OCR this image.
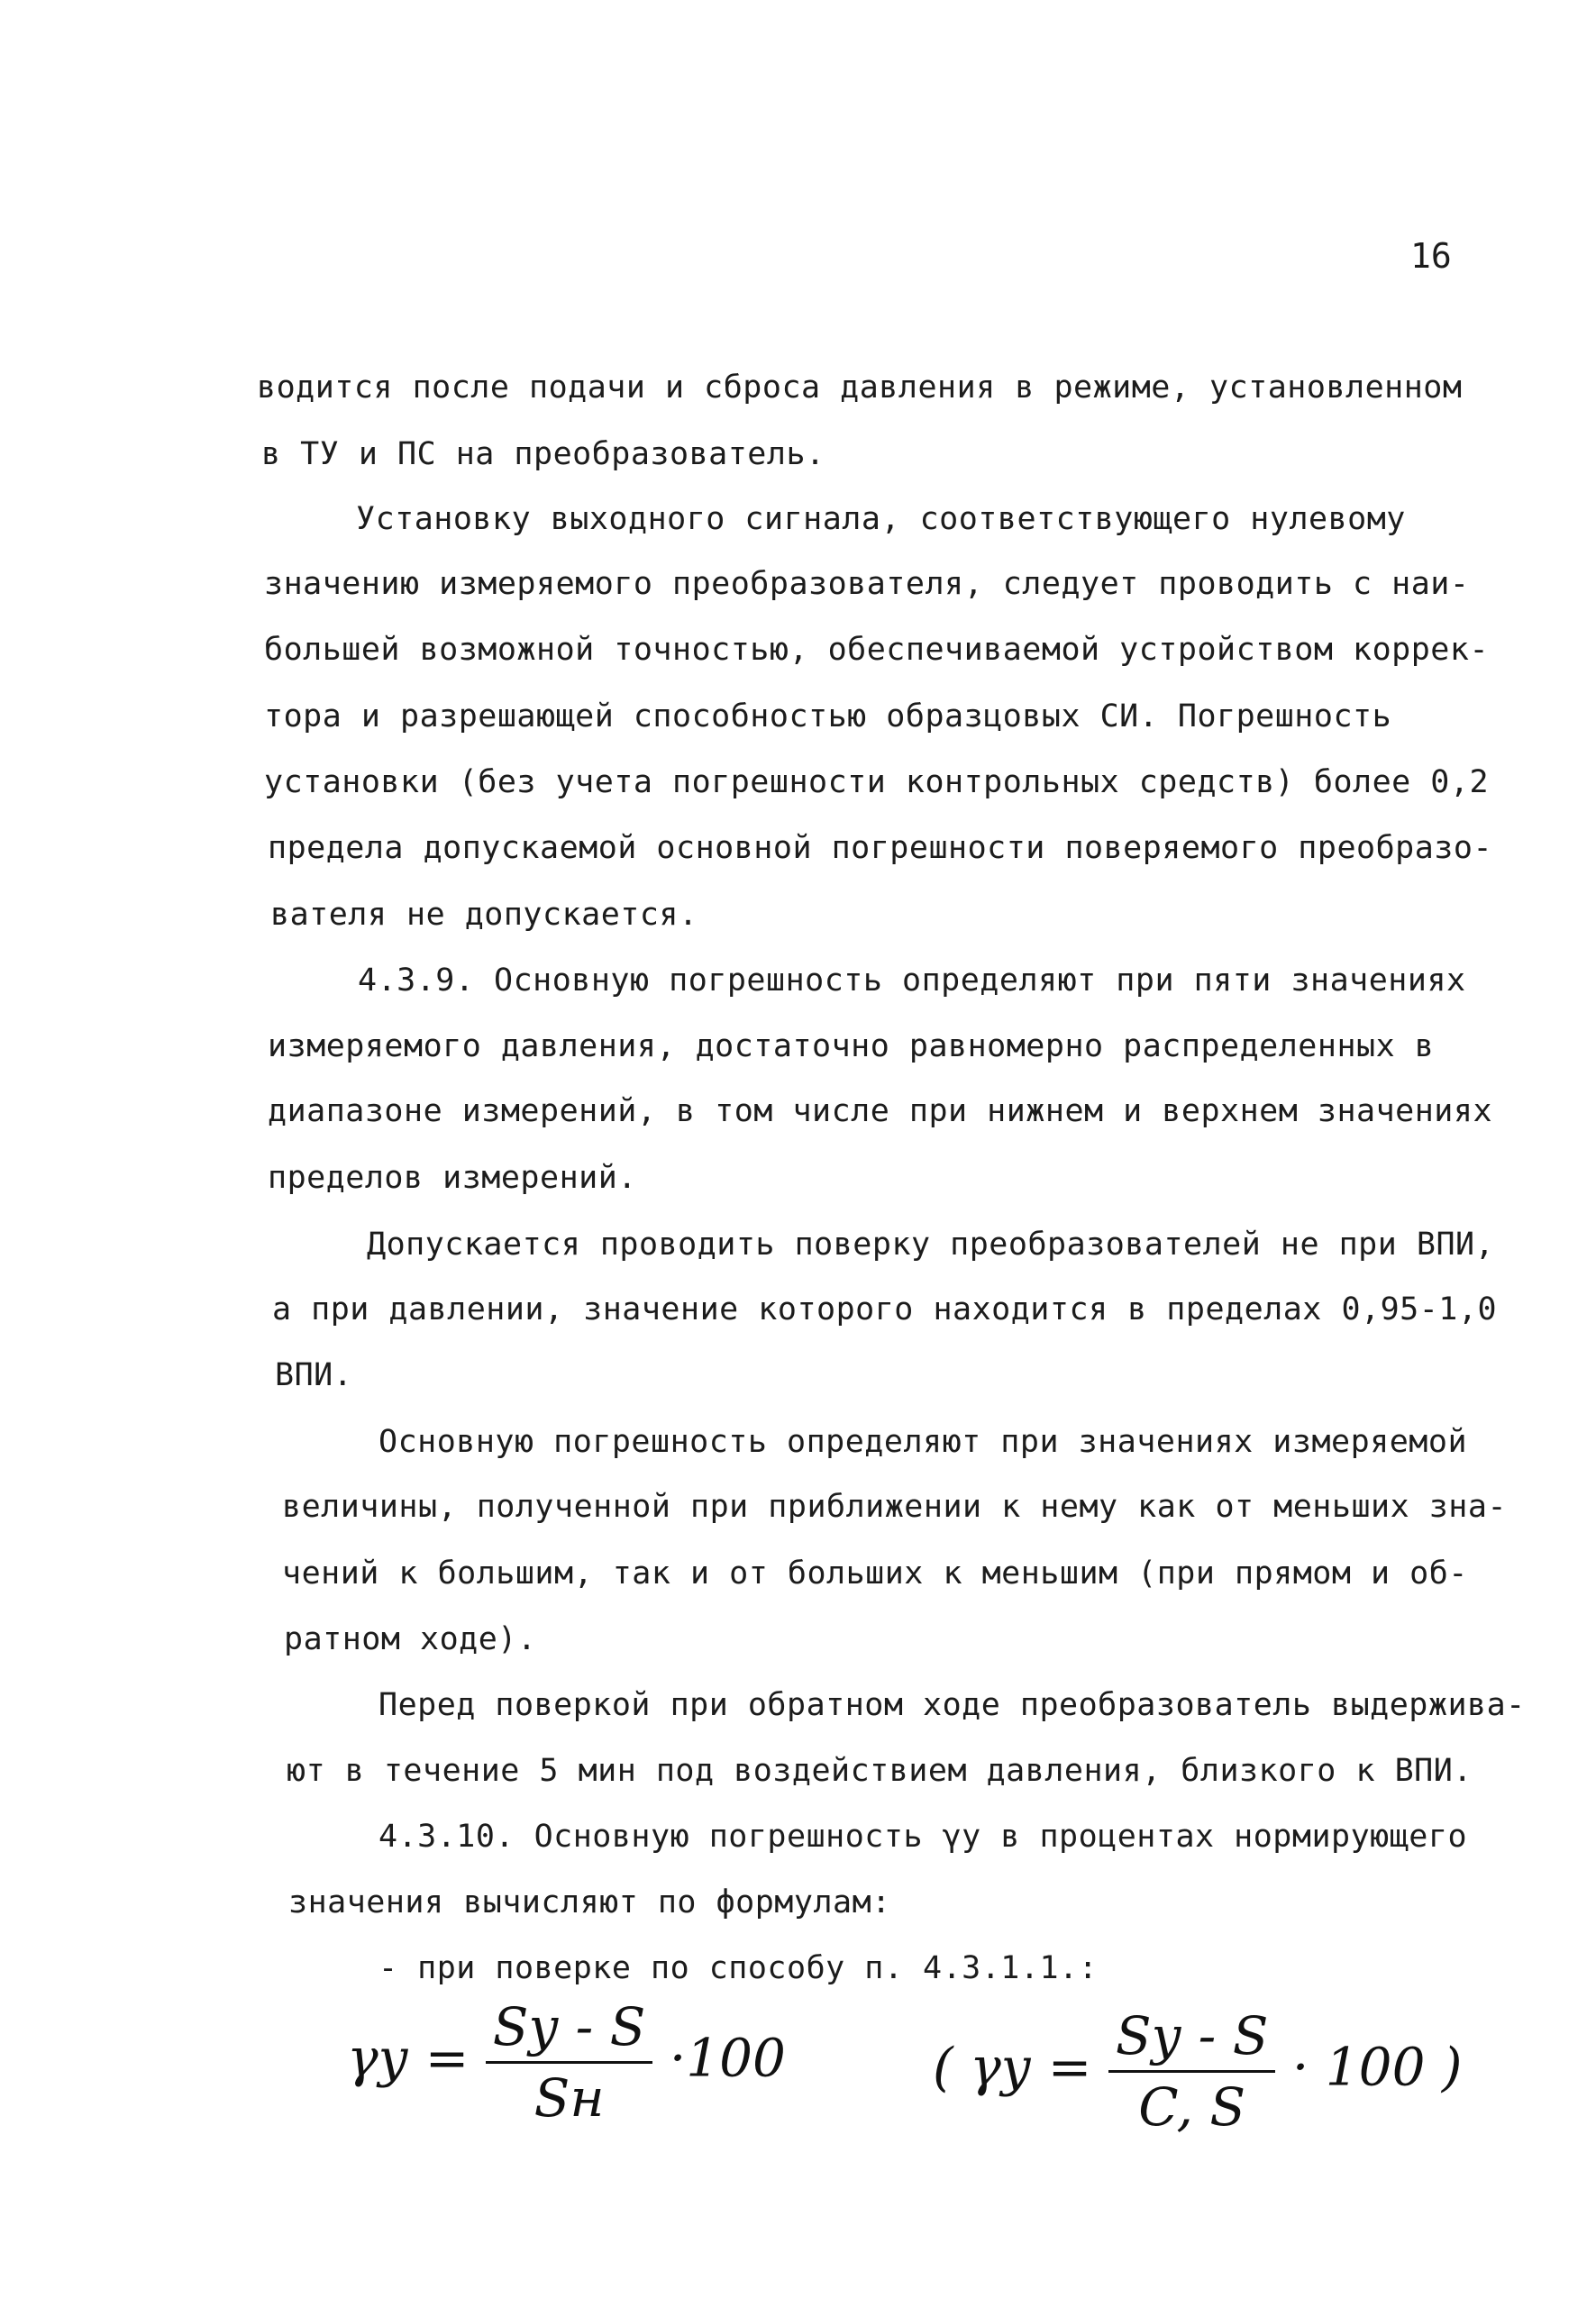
16
водится после подачи и сброса давления в режиме, установленном
в ТУ и ПС на преобразователь.
Установку выходного сигнала, соответствующего нулевому
значению измеряемого преобразователя, следует проводить с наи-
большей возможной точностью, обеспечиваемой устройством коррек-
тора и разрешающей способностью образцовых СИ. Погрешность
установки (без учета погрешности контрольных средств) более 0,2
предела допускаемой основной погрешности поверяемого преобразо-
вателя не допускается.
4.3.9. Основную погрешность определяют при пяти значениях
измеряемого давления, достаточно равномерно распределенных в
диапазоне измерений, в том числе при нижнем и верхнем значениях
пределов измерений.
Допускается проводить поверку преобразователей не при ВПИ,
а при давлении, значение которого находится в пределах 0,95-1,0
ВПИ.
Основную погрешность определяют при значениях измеряемой
величины, полученной при приближении к нему как от меньших зна-
чений к большим, так и от больших к меньшим (при прямом и об-
ратном ходе).
Перед поверкой при обратном ходе преобразователь выдержива-
ют в течение 5 мин под воздействием давления, близкого к ВПИ.
4.3.10. Основную погрешность γу в процентах нормирующего
значения вычисляют по формулам:
- при поверке по способу п. 4.3.1.1.:
$\gamma у = \frac{Sу - S}{Sн} \cdot 100$	( $\gamma у = \frac{Sу - S}{C, S} \cdot 100$ )
